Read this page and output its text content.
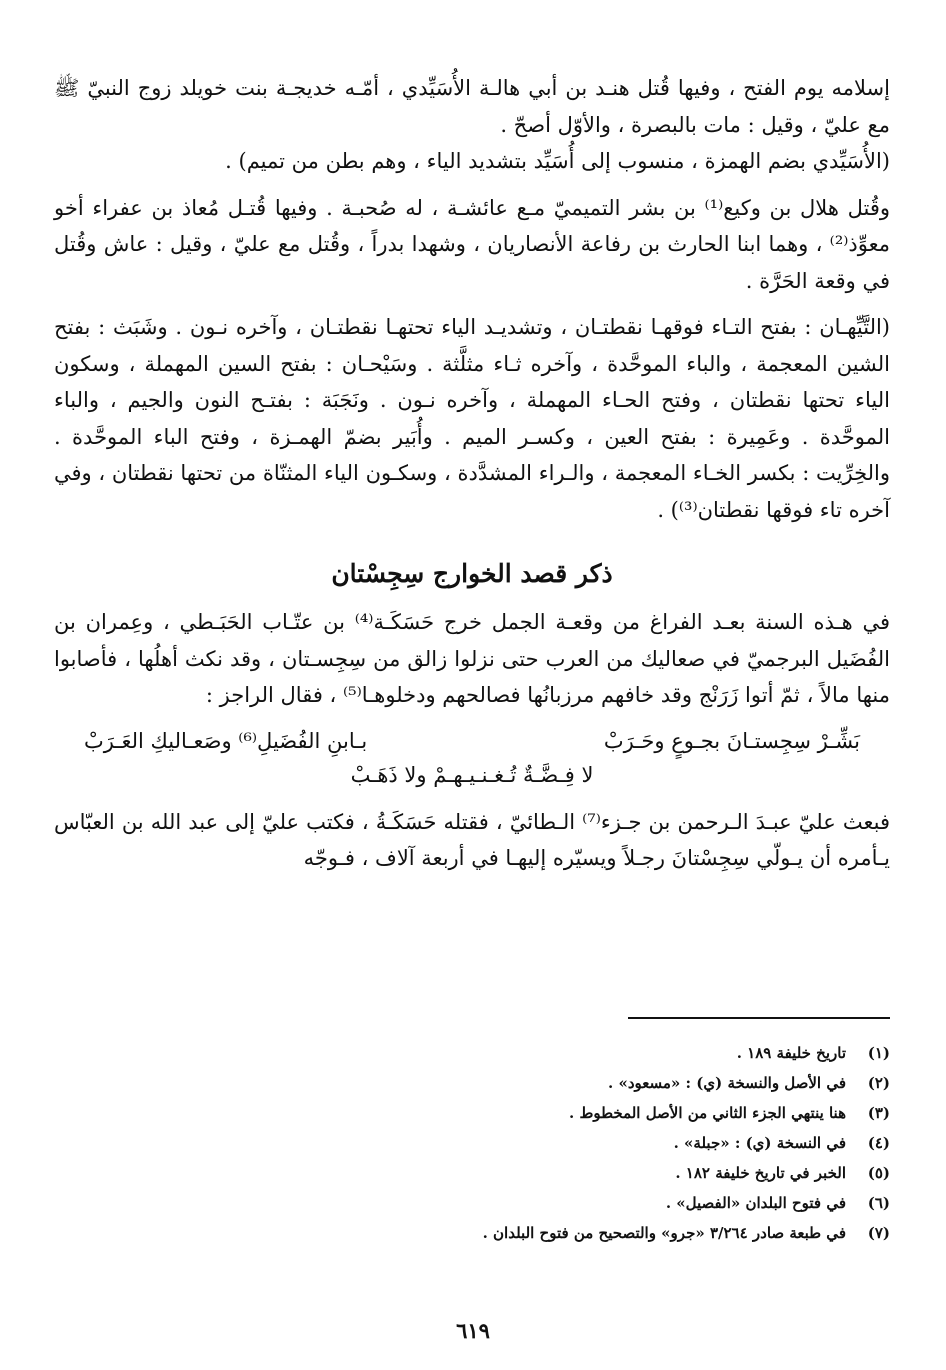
إسلامه يوم الفتح ، وفيها قُتل هنـد بن أبي هالـة الأُسَيِّدي ، أمّـه خديجـة بنت خويلد زوج النبيّ ﷺ مع عليّ ، وقيل : مات بالبصرة ، والأوّل أصحّ .

(الأُسَيِّدي بضم الهمزة ، منسوب إلى أُسَيِّد بتشديد الياء ، وهم بطن من تميم) .

وقُتل هلال بن وكيع⁽¹⁾ بن بشر التميميّ مـع عائشـة ، له صُحبـة . وفيها قُتـل مُعاذ بن عفراء أخو معوِّذ⁽²⁾ ، وهما ابنا الحارث بن رفاعة الأنصاريان ، وشهدا بدراً ، وقُتل مع عليّ ، وقيل : عاش وقُتل في وقعة الحَرَّة .

(التَّيِّهـان : بفتح التـاء فوقهـا نقطتـان ، وتشديـد الياء تحتهـا نقطتـان ، وآخره نـون . وشَبَث : بفتح الشين المعجمة ، والباء الموحَّدة ، وآخره ثـاء مثلَّثة . وسَيْحـان : بفتح السين المهملة ، وسكون الياء تحتها نقطتان ، وفتح الحـاء المهملة ، وآخره نـون . ونَجَبَة : بفتـح النون والجيم ، والباء الموحَّدة . وعَمِيرة : بفتح العين ، وكسـر الميم . وأُبَير بضمّ الهمـزة ، وفتح الباء الموحَّدة . والخِرِّيت : بكسر الخـاء المعجمة ، والـراء المشدَّدة ، وسكـون الياء المثنّاة من تحتها نقطتان ، وفي آخره تاء فوقها نقطتان⁽³⁾) .

ذكر قصد الخوارج سِجِسْتان

في هـذه السنة بعـد الفراغ من وقعـة الجمل خرج حَسَكَـة⁽⁴⁾ بن عتّـاب الحَبَـطي ، وعِمران بن الفُضَيل البرجميّ في صعاليك من العرب حتى نزلوا زالق من سِجِسـتان ، وقد نكث أهلُها ، فأصابوا منها مالاً ، ثمّ أتوا زَرَنْج وقد خافهم مرزبانُها فصالحهم ودخلوهـا⁽⁵⁾ ، فقال الراجز :

بَشِّـرْ سِجِستـانَ بجـوعٍ وحَـرَبْ
بـابنِ الفُضَيلِ⁽⁶⁾ وصَعـاليكِ العَـرَبْ
لا فِـضَّـةٌ تُـغـنـيـهـمْ ولا ذَهَـبْ

فبعث عليّ عبـدَ الـرحمن بن جـزء⁽⁷⁾ الـطائيّ ، فقتله حَسَكَـةُ ، فكتب عليّ إلى عبد الله بن العبّاس يـأمره أن يـولّي سِجِسْتانَ رجـلاً ويسيّره إليهـا في أربعة آلاف ، فـوجّه

(١)
تاريخ خليفة ١٨٩ .
(٢)
في الأصل والنسخة (ي) : «مسعود» .
(٣)
هنا ينتهي الجزء الثاني من الأصل المخطوط .
(٤)
في النسخة (ي) : «جبلة» .
(٥)
الخبر في تاريخ خليفة ١٨٢ .
(٦)
في فتوح البلدان «الفصيل» .
(٧)
في طبعة صادر ٣/٢٦٤ «جرو» والتصحيح من فتوح البلدان .
٦١٩
